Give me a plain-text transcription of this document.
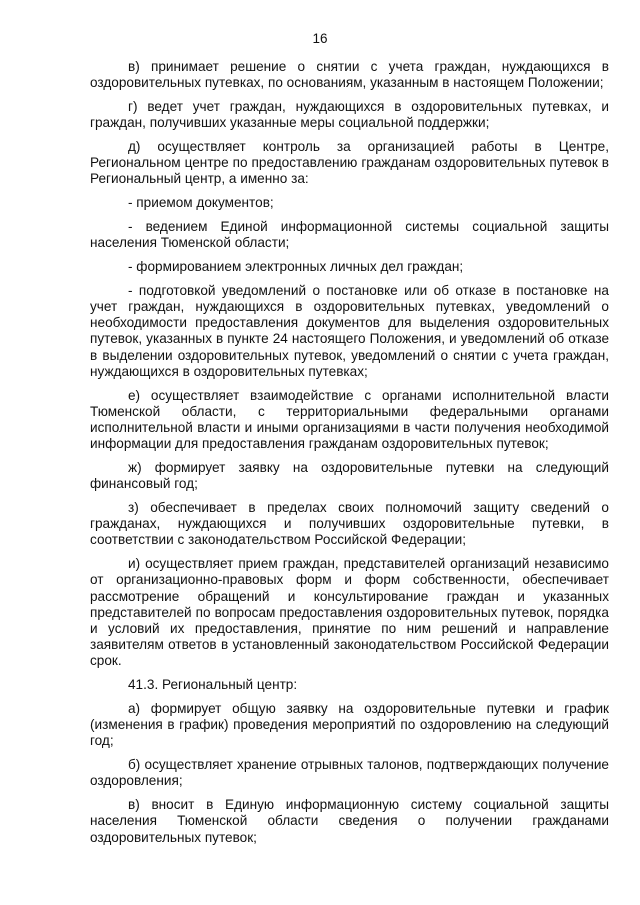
16

в) принимает решение о снятии с учета граждан, нуждающихся в оздоровительных путевках, по основаниям, указанным в настоящем Положении;

г) ведет учет граждан, нуждающихся в оздоровительных путевках, и граждан, получивших указанные меры социальной поддержки;

д) осуществляет контроль за организацией работы в Центре, Региональном центре по предоставлению гражданам оздоровительных путевок в Региональный центр, а именно за:

- приемом документов;

- ведением Единой информационной системы социальной защиты населения Тюменской области;

- формированием электронных личных дел граждан;

- подготовкой уведомлений о постановке или об отказе в постановке на учет граждан, нуждающихся в оздоровительных путевках, уведомлений о необходимости предоставления документов для выделения оздоровительных путевок, указанных в пункте 24 настоящего Положения, и уведомлений об отказе в выделении оздоровительных путевок, уведомлений о снятии с учета граждан, нуждающихся в оздоровительных путевках;

е) осуществляет взаимодействие с органами исполнительной власти Тюменской области, с территориальными федеральными органами исполнительной власти и иными организациями в части получения необходимой информации для предоставления гражданам оздоровительных путевок;

ж) формирует заявку на оздоровительные путевки на следующий финансовый год;

з) обеспечивает в пределах своих полномочий защиту сведений о гражданах, нуждающихся и получивших оздоровительные путевки, в соответствии с законодательством Российской Федерации;

и) осуществляет прием граждан, представителей организаций независимо от организационно-правовых форм и форм собственности, обеспечивает рассмотрение обращений и консультирование граждан и указанных представителей по вопросам предоставления оздоровительных путевок, порядка и условий их предоставления, принятие по ним решений и направление заявителям ответов в установленный законодательством Российской Федерации срок.

41.3. Региональный центр:

а) формирует общую заявку на оздоровительные путевки и график (изменения в график) проведения мероприятий по оздоровлению на следующий год;

б) осуществляет хранение отрывных талонов, подтверждающих получение оздоровления;

в) вносит в Единую информационную систему социальной защиты населения Тюменской области сведения о получении гражданами оздоровительных путевок;
